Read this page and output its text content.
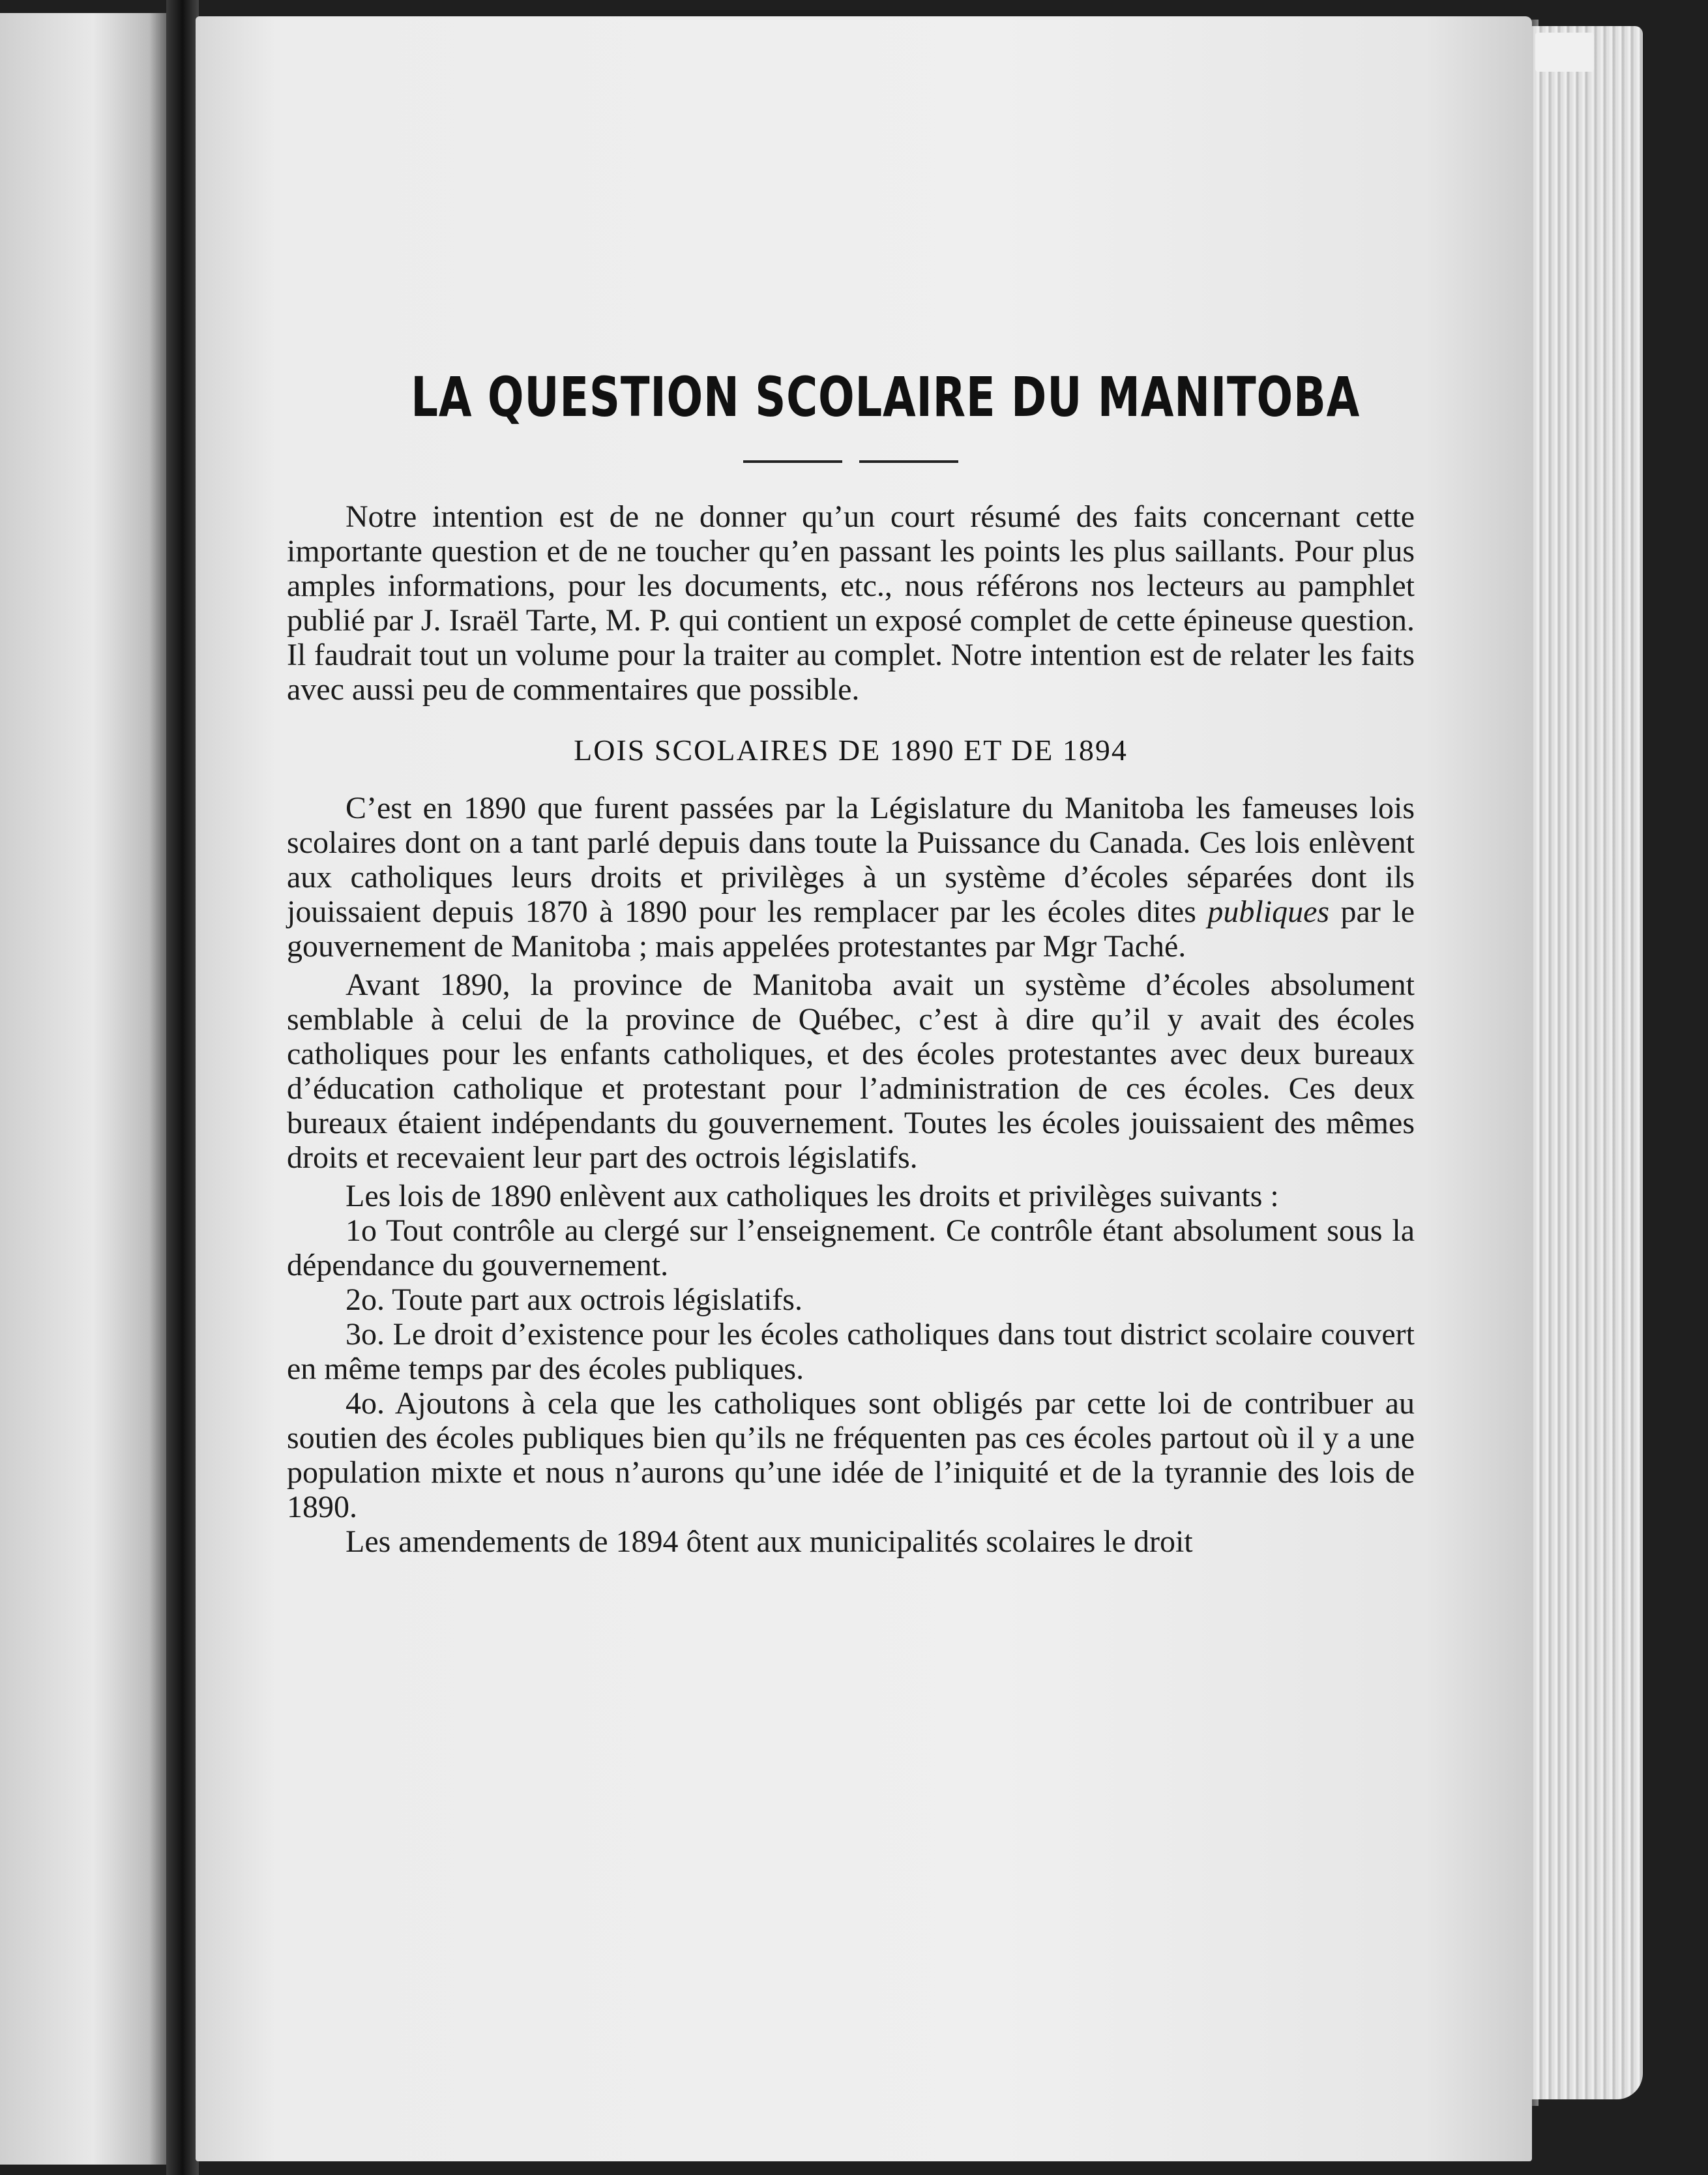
LA QUESTION SCOLAIRE DU MANITOBA

Notre intention est de ne donner qu’un court résumé des faits concernant cette importante question et de ne toucher qu’en passant les points les plus saillants. Pour plus amples informations, pour les documents, etc., nous référons nos lecteurs au pamphlet publié par J. Israël Tarte, M. P. qui contient un exposé complet de cette épineuse question. Il faudrait tout un volume pour la traiter au complet. Notre intention est de relater les faits avec aussi peu de commentaires que possible.

LOIS SCOLAIRES DE 1890 ET DE 1894

C’est en 1890 que furent passées par la Législature du Manitoba les fameuses lois scolaires dont on a tant parlé depuis dans toute la Puissance du Canada. Ces lois enlèvent aux catholiques leurs droits et privilèges à un système d’écoles séparées dont ils jouissaient depuis 1870 à 1890 pour les remplacer par les écoles dites publiques par le gouvernement de Manitoba ; mais appelées protestantes par Mgr Taché.

Avant 1890, la province de Manitoba avait un système d’écoles absolument semblable à celui de la province de Québec, c’est à dire qu’il y avait des écoles catholiques pour les enfants catholiques, et des écoles protestantes avec deux bureaux d’éducation catholique et protestant pour l’administration de ces écoles. Ces deux bureaux étaient indépendants du gouvernement. Toutes les écoles jouissaient des mêmes droits et recevaient leur part des octrois législatifs.

Les lois de 1890 enlèvent aux catholiques les droits et privilèges suivants :

1o Tout contrôle au clergé sur l’enseignement. Ce contrôle étant absolument sous la dépendance du gouvernement.

2o. Toute part aux octrois législatifs.

3o. Le droit d’existence pour les écoles catholiques dans tout district scolaire couvert en même temps par des écoles publiques.

4o. Ajoutons à cela que les catholiques sont obligés par cette loi de contribuer au soutien des écoles publiques bien qu’ils ne fréquenten pas ces écoles partout où il y a une population mixte et nous n’aurons qu’une idée de l’iniquité et de la tyrannie des lois de 1890.

Les amendements de 1894 ôtent aux municipalités scolaires le droit
